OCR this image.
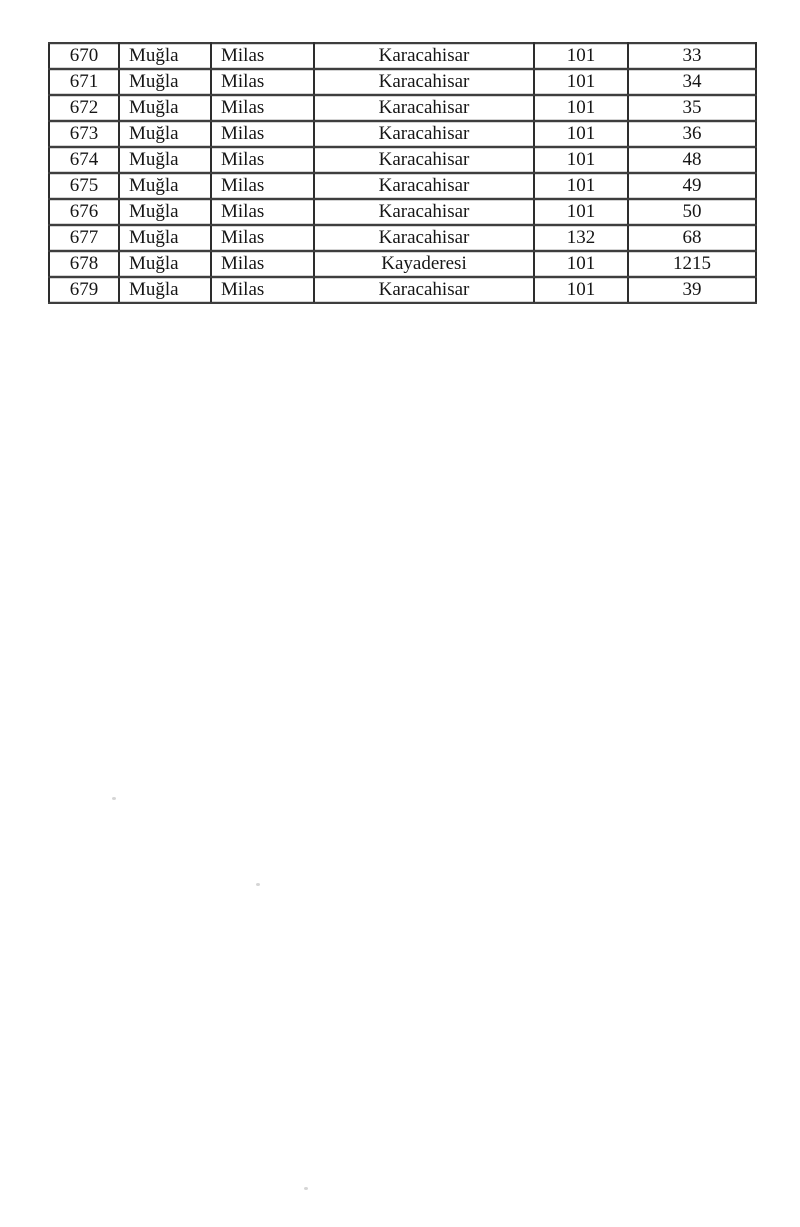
670	Muğla	Milas	Karacahisar	101	33
671	Muğla	Milas	Karacahisar	101	34
672	Muğla	Milas	Karacahisar	101	35
673	Muğla	Milas	Karacahisar	101	36
674	Muğla	Milas	Karacahisar	101	48
675	Muğla	Milas	Karacahisar	101	49
676	Muğla	Milas	Karacahisar	101	50
677	Muğla	Milas	Karacahisar	132	68
678	Muğla	Milas	Kayaderesi	101	1215
679	Muğla	Milas	Karacahisar	101	39
